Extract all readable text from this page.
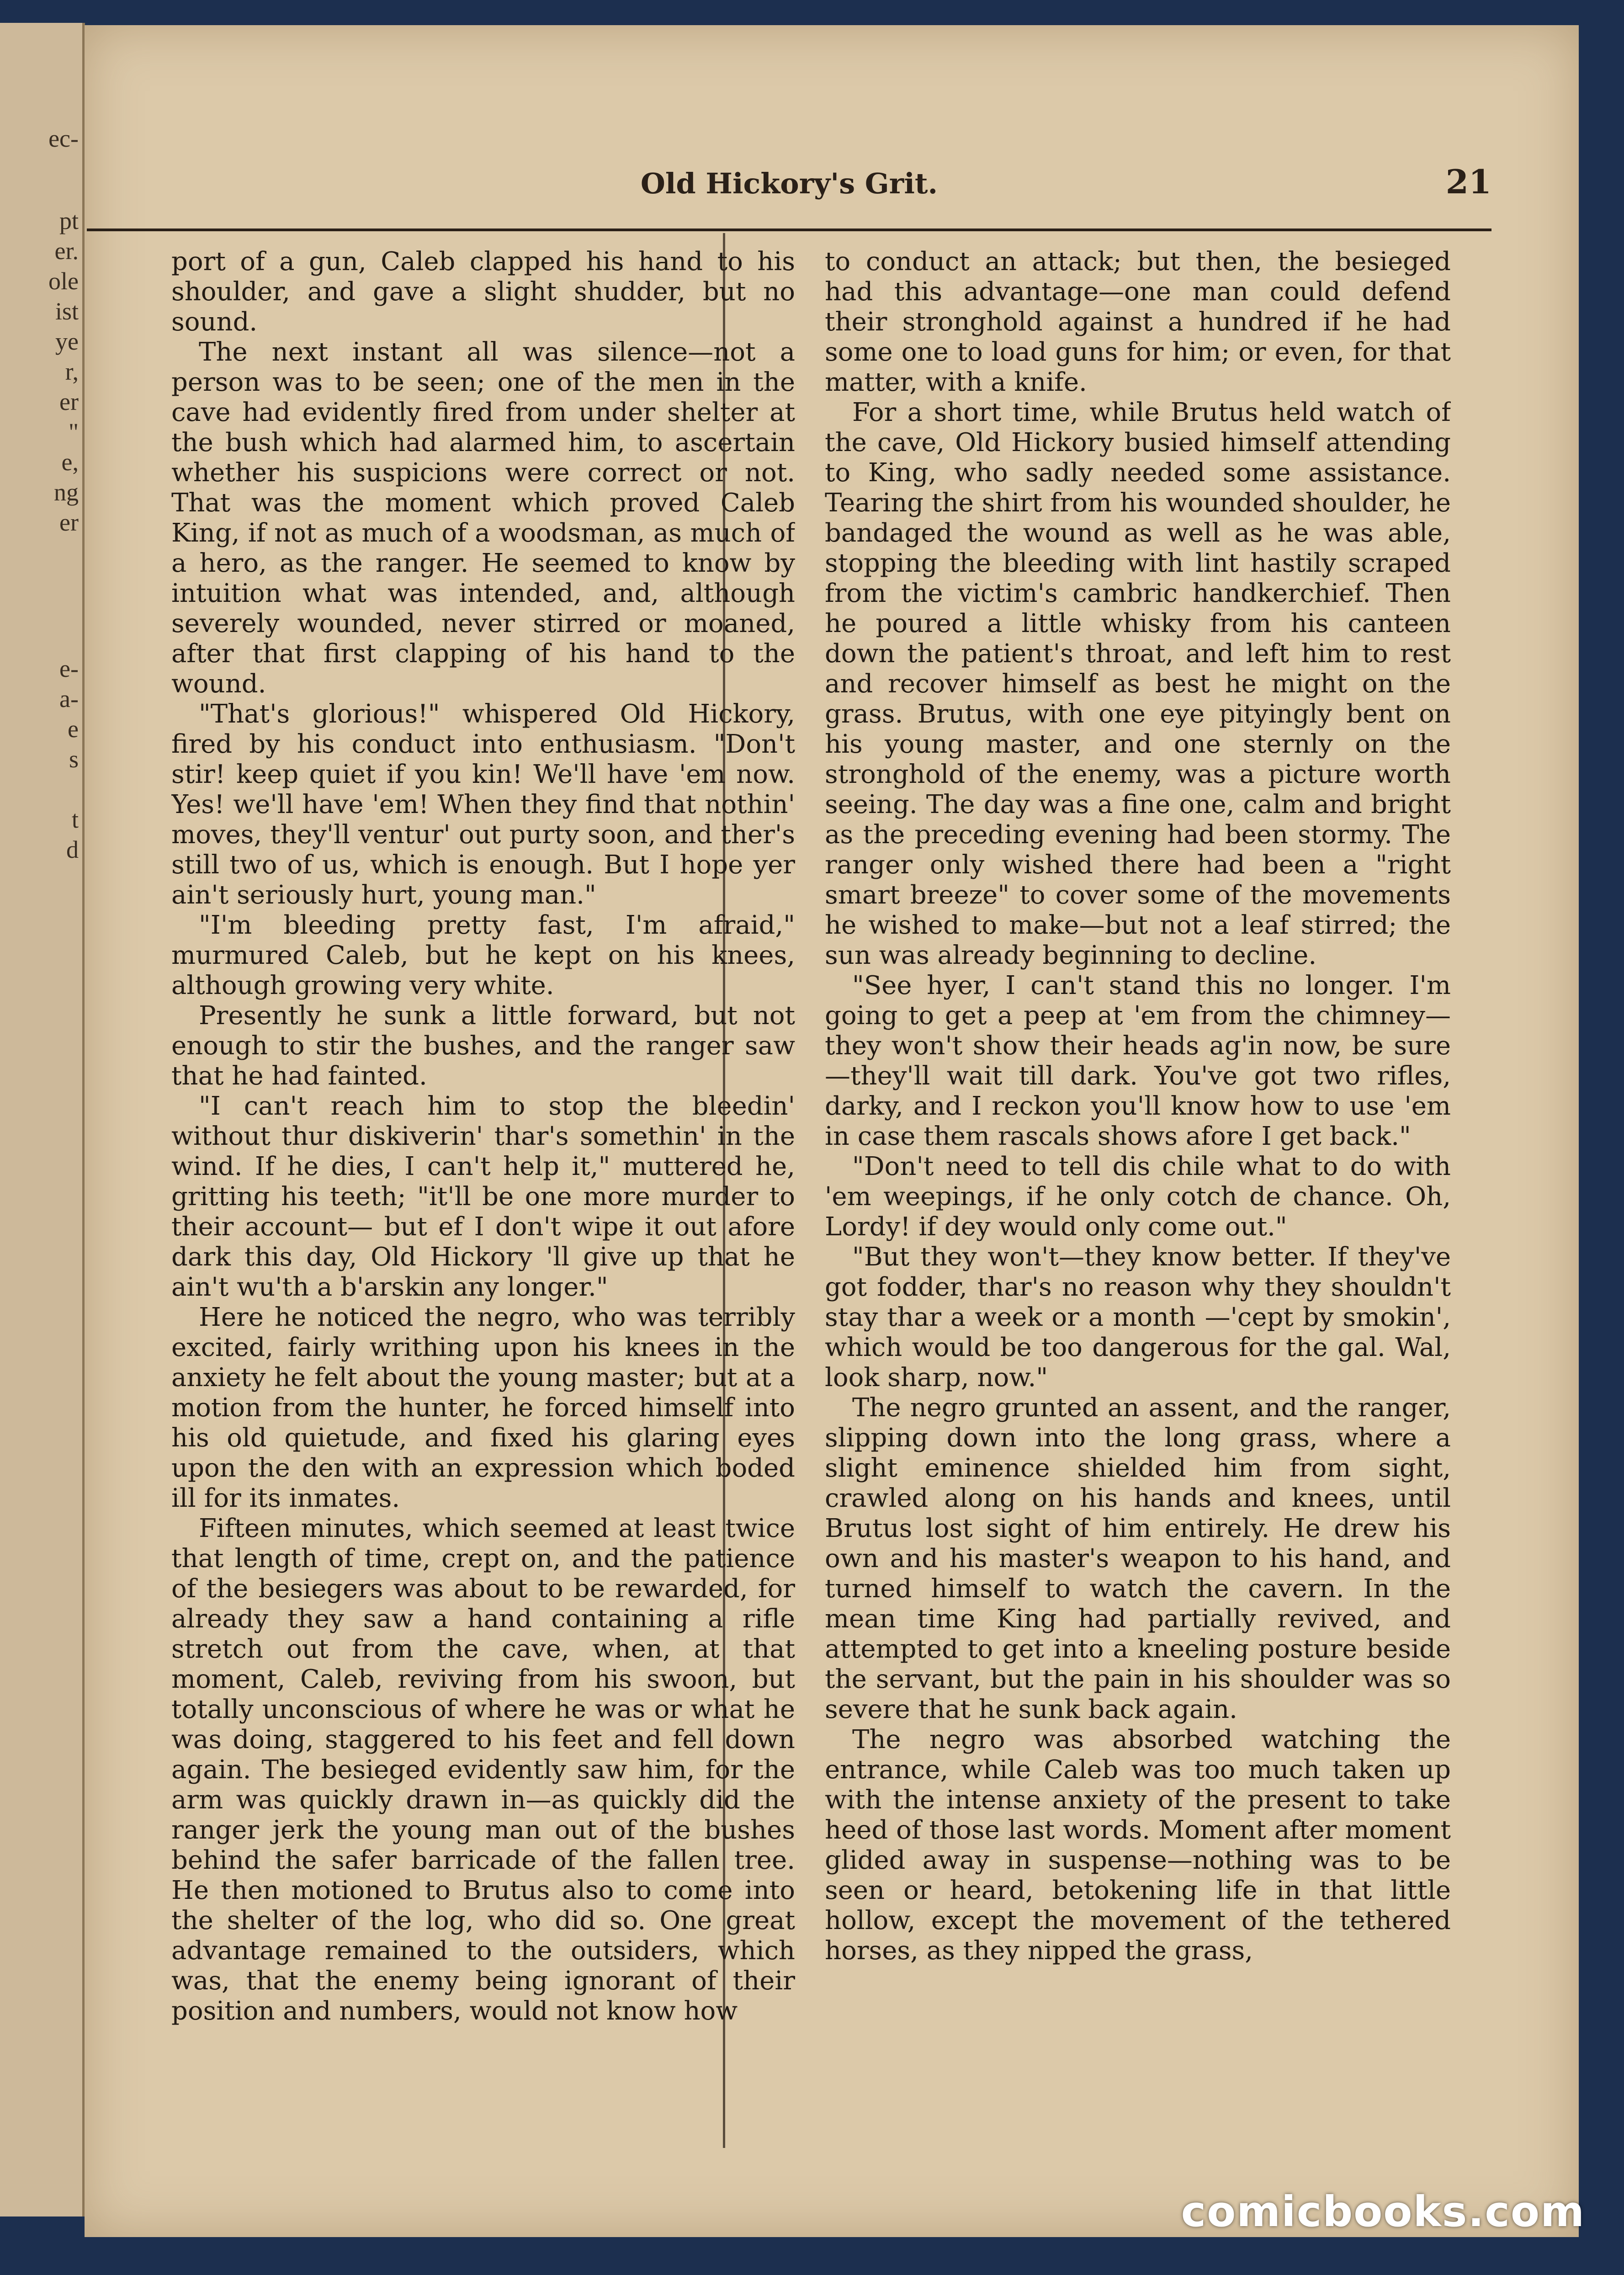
ec-
pt
er.
ole
ist
ye
r,
er
"
e,
ng
er
e-
a-
e
s
t
d
Old Hickory's Grit.	21

port of a gun, Caleb clapped his hand to his shoulder, and gave a slight shudder, but no sound.

The next instant all was silence—not a person was to be seen; one of the men in the cave had evidently fired from under shelter at the bush which had alarmed him, to ascertain whether his suspicions were correct or not. That was the moment which proved Caleb King, if not as much of a woodsman, as much of a hero, as the ranger. He seemed to know by intuition what was intended, and, although severely wounded, never stirred or moaned, after that first clapping of his hand to the wound.

"That's glorious!" whispered Old Hickory, fired by his conduct into enthusiasm. "Don't stir! keep quiet if you kin! We'll have 'em now. Yes! we'll have 'em! When they find that nothin' moves, they'll ventur' out purty soon, and ther's still two of us, which is enough. But I hope yer ain't seriously hurt, young man."

"I'm bleeding pretty fast, I'm afraid," murmured Caleb, but he kept on his knees, although growing very white.

Presently he sunk a little forward, but not enough to stir the bushes, and the ranger saw that he had fainted.

"I can't reach him to stop the bleedin' without thur diskiverin' thar's somethin' in the wind. If he dies, I can't help it," muttered he, gritting his teeth; "it'll be one more murder to their account— but ef I don't wipe it out afore dark this day, Old Hickory 'll give up that he ain't wu'th a b'arskin any longer."

Here he noticed the negro, who was terribly excited, fairly writhing upon his knees in the anxiety he felt about the young master; but at a motion from the hunter, he forced himself into his old quietude, and fixed his glaring eyes upon the den with an expression which boded ill for its inmates.

Fifteen minutes, which seemed at least twice that length of time, crept on, and the patience of the besiegers was about to be rewarded, for already they saw a hand containing a rifle stretch out from the cave, when, at that moment, Caleb, reviving from his swoon, but totally unconscious of where he was or what he was doing, staggered to his feet and fell down again. The besieged evidently saw him, for the arm was quickly drawn in—as quickly did the ranger jerk the young man out of the bushes behind the safer barricade of the fallen tree. He then motioned to Brutus also to come into the shelter of the log, who did so. One great advantage remained to the outsiders, which was, that the enemy being ignorant of their position and numbers, would not know how

to conduct an attack; but then, the besieged had this advantage—one man could defend their stronghold against a hundred if he had some one to load guns for him; or even, for that matter, with a knife.

For a short time, while Brutus held watch of the cave, Old Hickory busied himself attending to King, who sadly needed some assistance. Tearing the shirt from his wounded shoulder, he bandaged the wound as well as he was able, stopping the bleeding with lint hastily scraped from the victim's cambric handkerchief. Then he poured a little whisky from his canteen down the patient's throat, and left him to rest and recover himself as best he might on the grass. Brutus, with one eye pityingly bent on his young master, and one sternly on the stronghold of the enemy, was a picture worth seeing. The day was a fine one, calm and bright as the preceding evening had been stormy. The ranger only wished there had been a "right smart breeze" to cover some of the movements he wished to make—but not a leaf stirred; the sun was already beginning to decline.

"See hyer, I can't stand this no longer. I'm going to get a peep at 'em from the chimney—they won't show their heads ag'in now, be sure—they'll wait till dark. You've got two rifles, darky, and I reckon you'll know how to use 'em in case them rascals shows afore I get back."

"Don't need to tell dis chile what to do with 'em weepings, if he only cotch de chance. Oh, Lordy! if dey would only come out."

"But they won't—they know better. If they've got fodder, thar's no reason why they shouldn't stay thar a week or a month —'cept by smokin', which would be too dangerous for the gal. Wal, look sharp, now."

The negro grunted an assent, and the ranger, slipping down into the long grass, where a slight eminence shielded him from sight, crawled along on his hands and knees, until Brutus lost sight of him entirely. He drew his own and his master's weapon to his hand, and turned himself to watch the cavern. In the mean time King had partially revived, and attempted to get into a kneeling posture beside the servant, but the pain in his shoulder was so severe that he sunk back again.

The negro was absorbed watching the entrance, while Caleb was too much taken up with the intense anxiety of the present to take heed of those last words. Moment after moment glided away in suspense—nothing was to be seen or heard, betokening life in that little hollow, except the movement of the tethered horses, as they nipped the grass,

comicbooks.com
